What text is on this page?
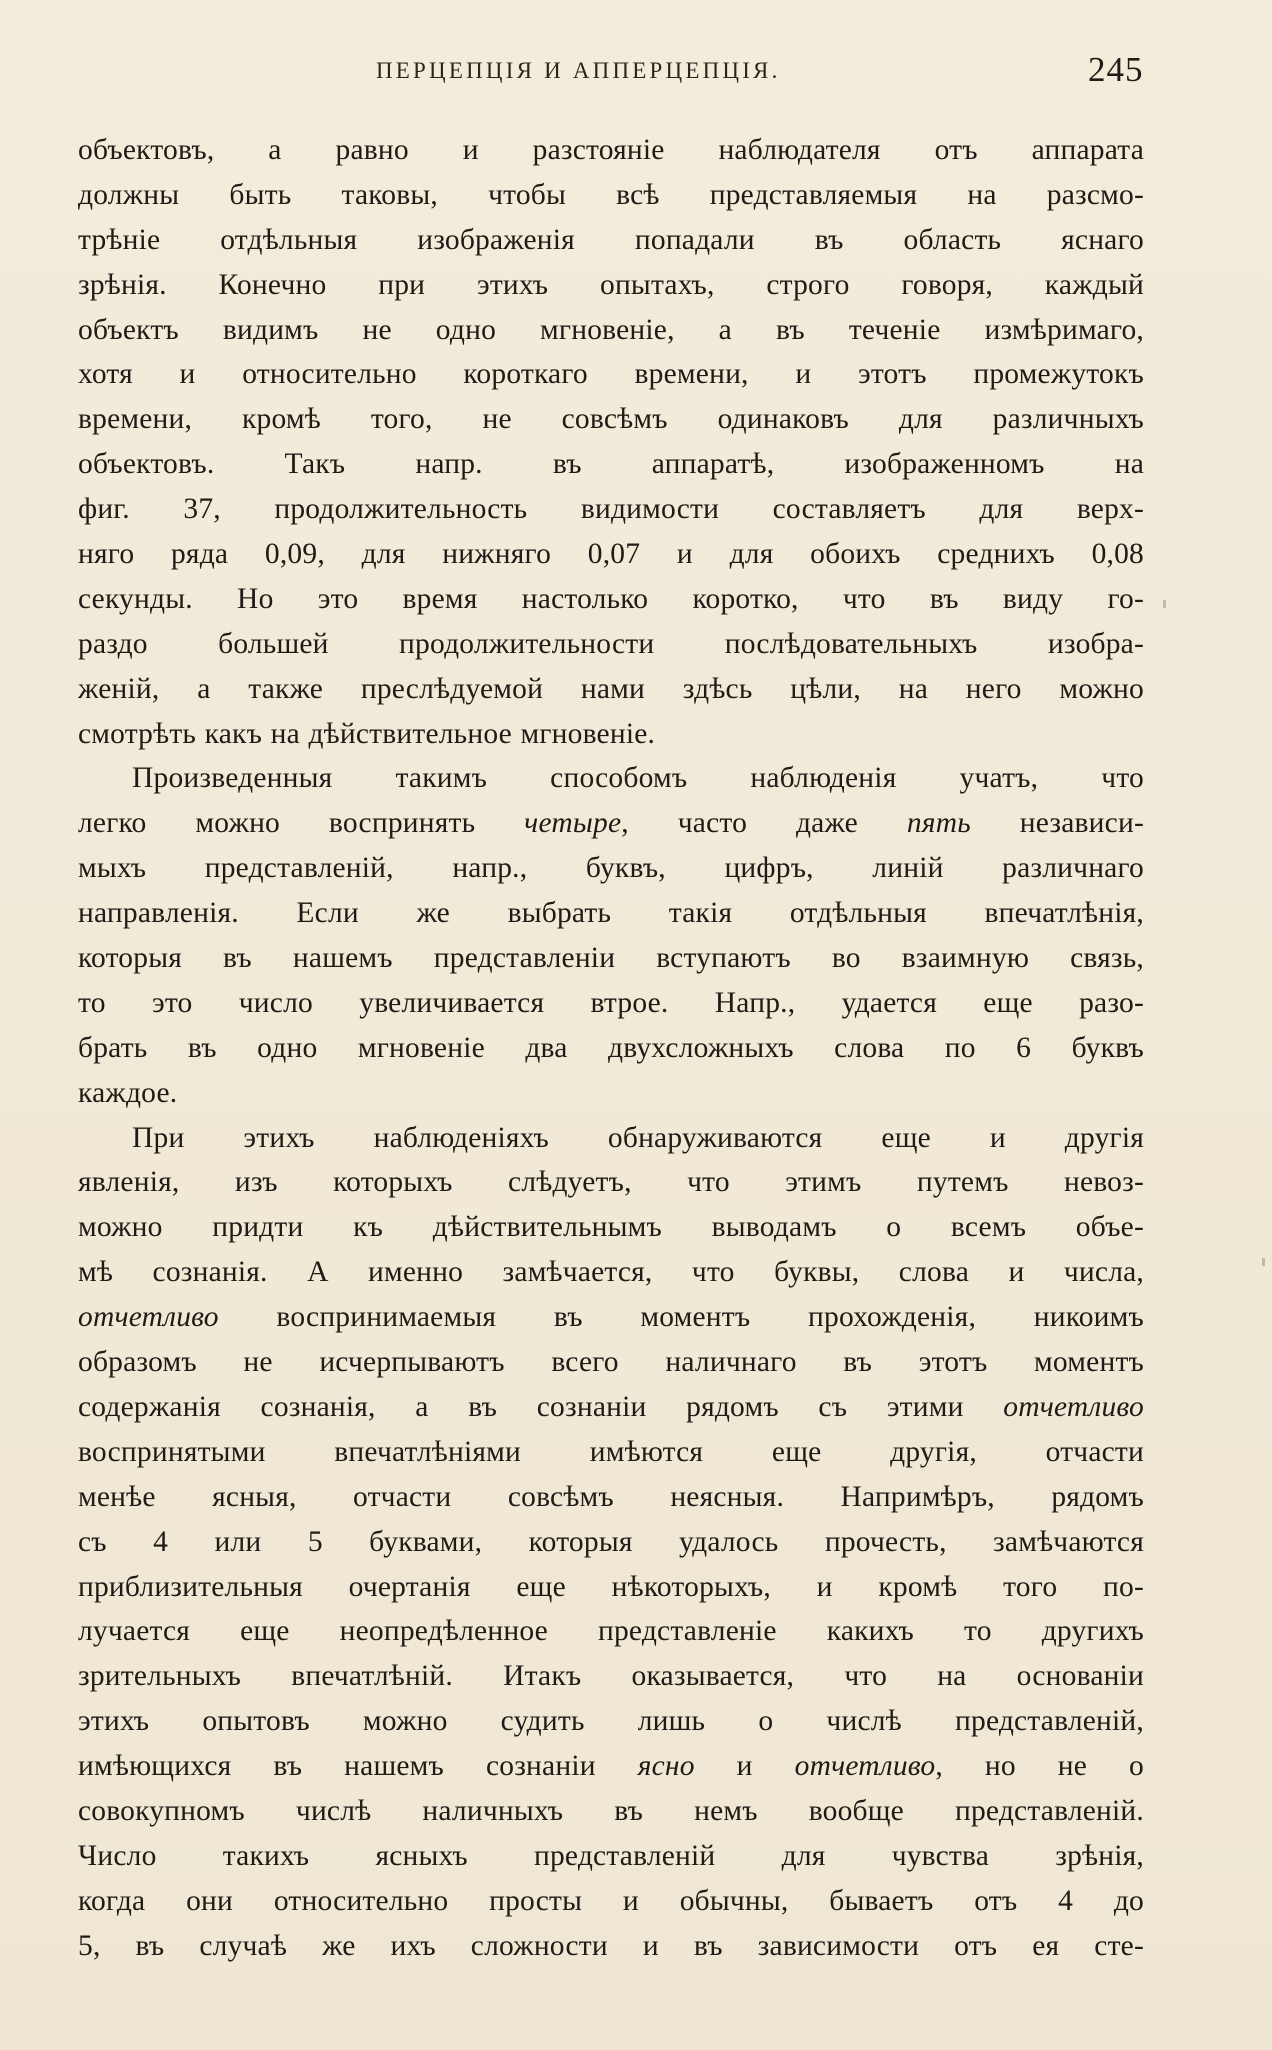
ПЕРЦЕПЦІЯ И АППЕРЦЕПЦІЯ.	245
объектовъ, а равно и разстояніе наблюдателя отъ аппарата
должны быть таковы, чтобы всѣ представляемыя на разсмо-
трѣніе отдѣльныя изображенія попадали въ область яснаго
зрѣнія. Конечно при этихъ опытахъ, строго говоря, каждый
объектъ видимъ не одно мгновеніе, а въ теченіе измѣримаго,
хотя и относительно короткаго времени, и этотъ промежутокъ
времени, кромѣ того, не совсѣмъ одинаковъ для различныхъ
объектовъ. Такъ напр. въ аппаратѣ, изображенномъ на
фиг. 37, продолжительность видимости составляетъ для верх-
няго ряда 0,09, для нижняго 0,07 и для обоихъ среднихъ 0,08
секунды. Но это время настолько коротко, что въ виду го-
раздо большей продолжительности послѣдовательныхъ изобра-
женій, а также преслѣдуемой нами здѣсь цѣли, на него можно
смотрѣть какъ на дѣйствительное мгновеніе.
Произведенныя такимъ способомъ наблюденія учатъ, что
легко можно воспринять четыре, часто даже пять независи-
мыхъ представленій, напр., буквъ, цифръ, линій различнаго
направленія. Если же выбрать такія отдѣльныя впечатлѣнія,
которыя въ нашемъ представленіи вступаютъ во взаимную связь,
то это число увеличивается втрое. Напр., удается еще разо-
брать въ одно мгновеніе два двухсложныхъ слова по 6 буквъ
каждое.
При этихъ наблюденіяхъ обнаруживаются еще и другія
явленія, изъ которыхъ слѣдуетъ, что этимъ путемъ невоз-
можно придти къ дѣйствительнымъ выводамъ о всемъ объе-
мѣ сознанія. А именно замѣчается, что буквы, слова и числа,
отчетливо воспринимаемыя въ моментъ прохожденія, никоимъ
образомъ не исчерпываютъ всего наличнаго въ этотъ моментъ
содержанія сознанія, а въ сознаніи рядомъ съ этими отчетливо
воспринятыми впечатлѣніями имѣются еще другія, отчасти
менѣе ясныя, отчасти совсѣмъ неясныя. Напримѣръ, рядомъ
съ 4 или 5 буквами, которыя удалось прочесть, замѣчаются
приблизительныя очертанія еще нѣкоторыхъ, и кромѣ того по-
лучается еще неопредѣленное представленіе какихъ то другихъ
зрительныхъ впечатлѣній. Итакъ оказывается, что на основаніи
этихъ опытовъ можно судить лишь о числѣ представленій,
имѣющихся въ нашемъ сознаніи ясно и отчетливо, но не о
совокупномъ числѣ наличныхъ въ немъ вообще представленій.
Число такихъ ясныхъ представленій для чувства зрѣнія,
когда они относительно просты и обычны, бываетъ отъ 4 до
5, въ случаѣ же ихъ сложности и въ зависимости отъ ея сте-
